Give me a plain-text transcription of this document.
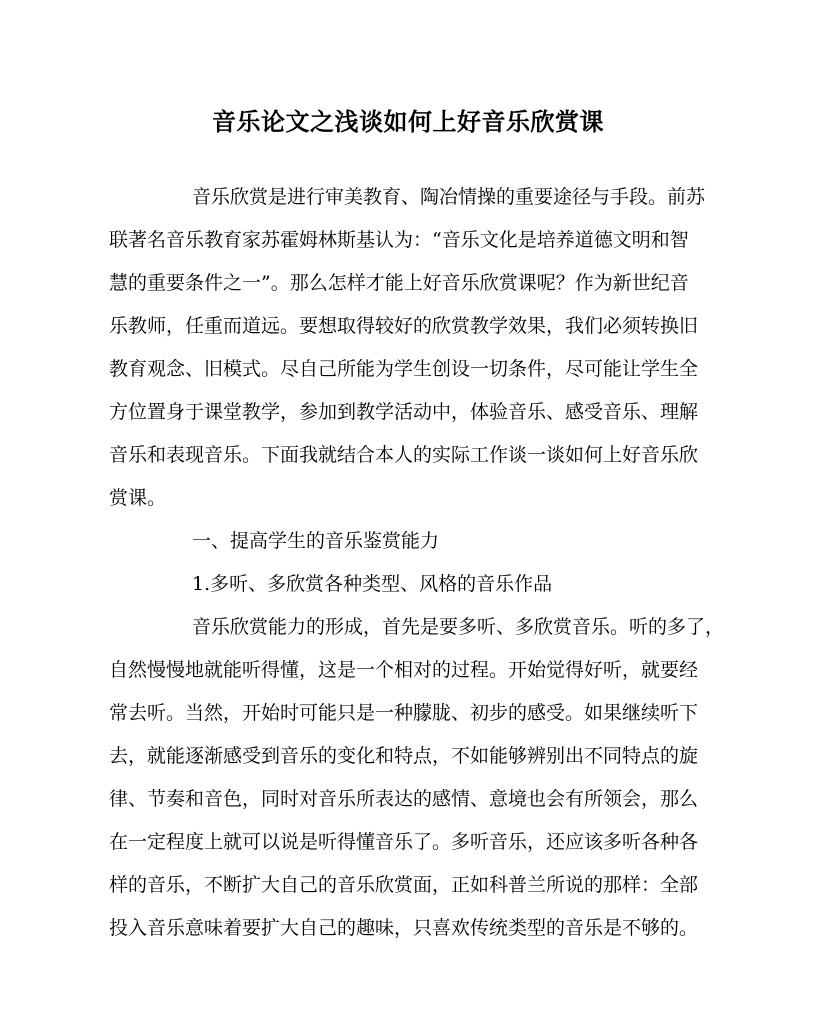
音乐论文之浅谈如何上好音乐欣赏课
音乐欣赏是进行审美教育、陶冶情操的重要途径与手段。前苏
联著名音乐教育家苏霍姆林斯基认为：“音乐文化是培养道德文明和智
慧的重要条件之一”。那么怎样才能上好音乐欣赏课呢？作为新世纪音
乐教师，任重而道远。要想取得较好的欣赏教学效果，我们必须转换旧
教育观念、旧模式。尽自己所能为学生创设一切条件，尽可能让学生全
方位置身于课堂教学，参加到教学活动中，体验音乐、感受音乐、理解
音乐和表现音乐。下面我就结合本人的实际工作谈一谈如何上好音乐欣
赏课。
一、提高学生的音乐鉴赏能力
1.多听、多欣赏各种类型、风格的音乐作品
音乐欣赏能力的形成，首先是要多听、多欣赏音乐。听的多了，
自然慢慢地就能听得懂，这是一个相对的过程。开始觉得好听，就要经
常去听。当然，开始时可能只是一种朦胧、初步的感受。如果继续听下
去，就能逐渐感受到音乐的变化和特点，不如能够辨别出不同特点的旋
律、节奏和音色，同时对音乐所表达的感情、意境也会有所领会，那么
在一定程度上就可以说是听得懂音乐了。多听音乐，还应该多听各种各
样的音乐，不断扩大自己的音乐欣赏面，正如科普兰所说的那样：全部
投入音乐意味着要扩大自己的趣味，只喜欢传统类型的音乐是不够的。
